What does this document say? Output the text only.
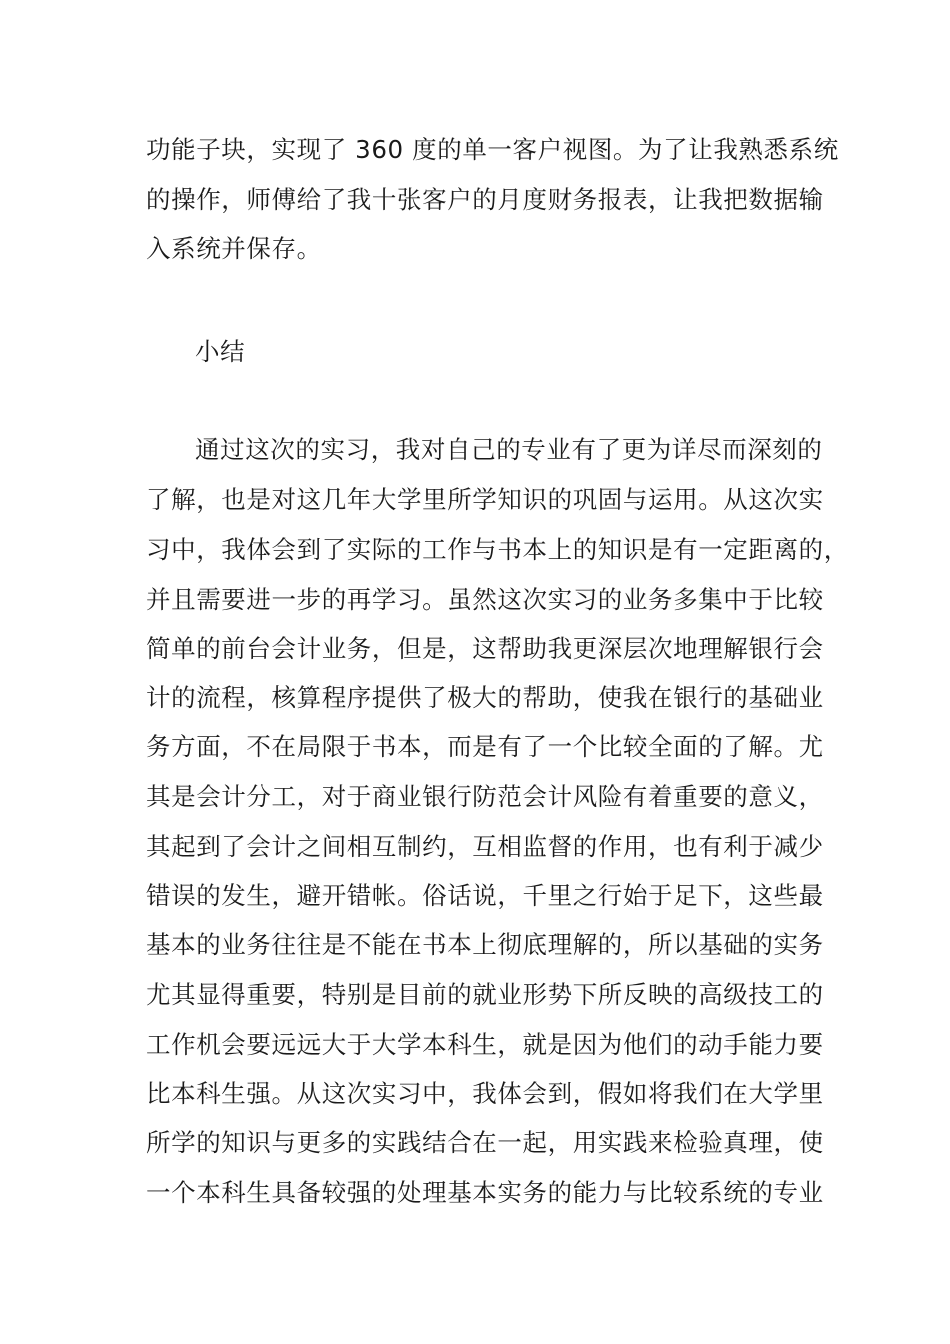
功能子块，实现了 360 度的单一客户视图。为了让我熟悉系统
的操作，师傅给了我十张客户的月度财务报表，让我把数据输
入系统并保存。
小结
通过这次的实习，我对自己的专业有了更为详尽而深刻的
了解，也是对这几年大学里所学知识的巩固与运用。从这次实
习中，我体会到了实际的工作与书本上的知识是有一定距离的，
并且需要进一步的再学习。虽然这次实习的业务多集中于比较
简单的前台会计业务，但是，这帮助我更深层次地理解银行会
计的流程，核算程序提供了极大的帮助，使我在银行的基础业
务方面，不在局限于书本，而是有了一个比较全面的了解。尤
其是会计分工，对于商业银行防范会计风险有着重要的意义，
其起到了会计之间相互制约，互相监督的作用，也有利于减少
错误的发生，避开错帐。俗话说，千里之行始于足下，这些最
基本的业务往往是不能在书本上彻底理解的，所以基础的实务
尤其显得重要，特别是目前的就业形势下所反映的高级技工的
工作机会要远远大于大学本科生，就是因为他们的动手能力要
比本科生强。从这次实习中，我体会到，假如将我们在大学里
所学的知识与更多的实践结合在一起，用实践来检验真理，使
一个本科生具备较强的处理基本实务的能力与比较系统的专业
